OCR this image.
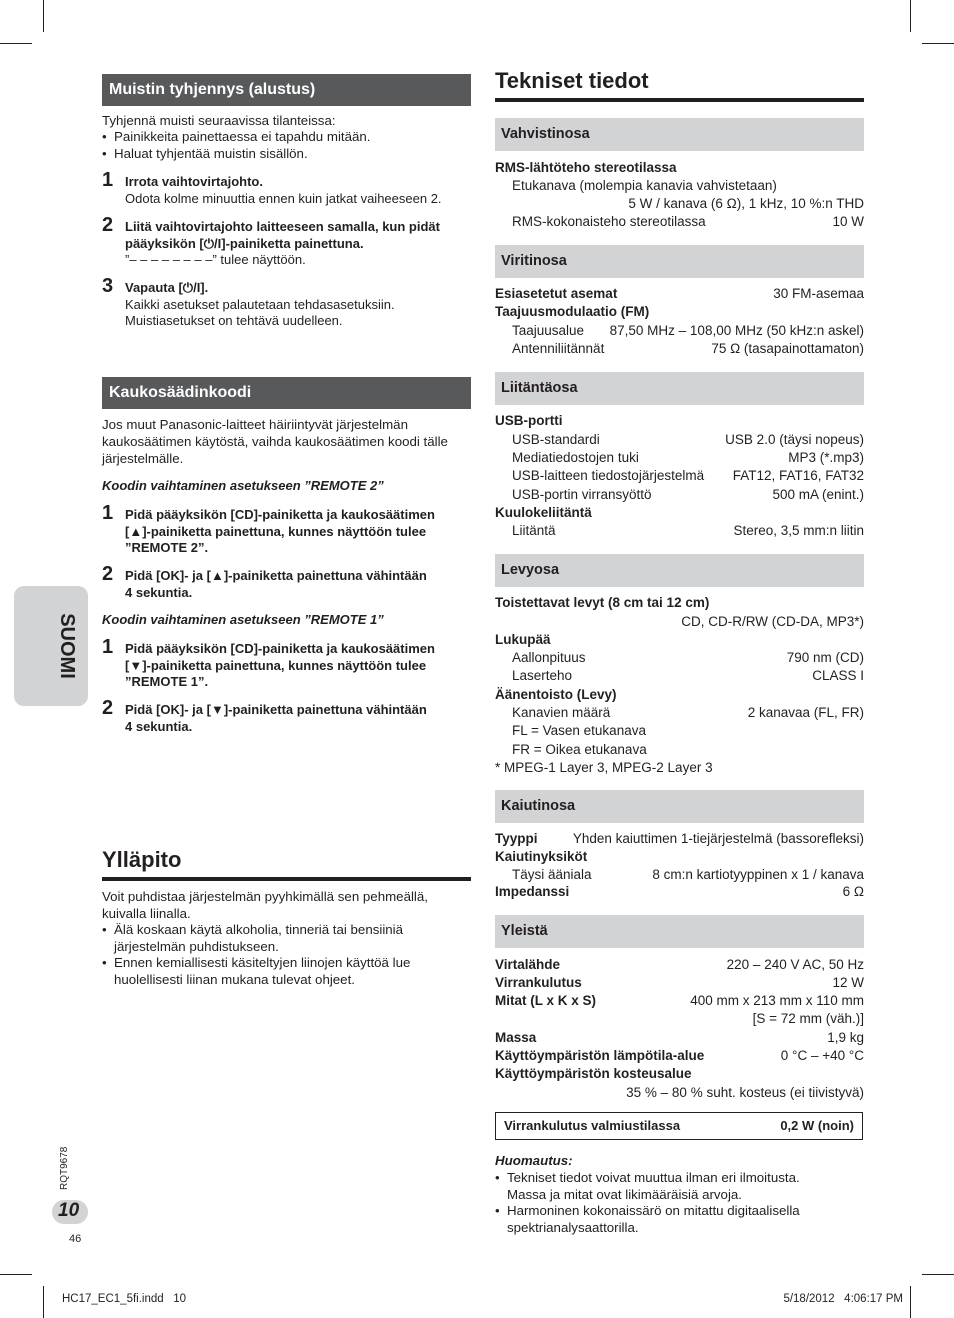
SUOMI
RQT9678
10
46
Muistin tyhjennys (alustus)
Tyhjennä muisti seuraavissa tilanteissa:
• Painikkeita painettaessa ei tapahdu mitään.
• Haluat tyhjentää muistin sisällön.
1 Irrota vaihtovirtajohto.
Odota kolme minuuttia ennen kuin jatkat vaiheeseen 2.
2 Liitä vaihtovirtajohto laitteeseen samalla, kun pidät
pääyksikön [⏻/I]-painiketta painettuna.
”– – – – – – – –” tulee näyttöön.
3 Vapauta [⏻/I].
Kaikki asetukset palautetaan tehdasasetuksiin.
Muistiasetukset on tehtävä uudelleen.
Kaukosäädinkoodi
Jos muut Panasonic-laitteet häiriintyvät järjestelmän
kaukosäätimen käytöstä, vaihda kaukosäätimen koodi tälle
järjestelmälle.
Koodin vaihtaminen asetukseen ”REMOTE 2”
1 Pidä pääyksikön [CD]-painiketta ja kaukosäätimen
[▲]-painiketta painettuna, kunnes näyttöön tulee
”REMOTE 2”.
2 Pidä [OK]- ja [▲]-painiketta painettuna vähintään
4 sekuntia.
Koodin vaihtaminen asetukseen ”REMOTE 1”
1 Pidä pääyksikön [CD]-painiketta ja kaukosäätimen
[▼]-painiketta painettuna, kunnes näyttöön tulee
”REMOTE 1”.
2 Pidä [OK]- ja [▼]-painiketta painettuna vähintään
4 sekuntia.
Ylläpito
Voit puhdistaa järjestelmän pyyhkimällä sen pehmeällä,
kuivalla liinalla.
• Älä koskaan käytä alkoholia, tinneriä tai bensiiniä
järjestelmän puhdistukseen.
• Ennen kemiallisesti käsiteltyjen liinojen käyttöä lue
huolellisesti liinan mukana tulevat ohjeet.
Tekniset tiedot
Vahvistinosa
RMS-lähtöteho stereotilassa
Etukanava (molempia kanavia vahvistetaan)
5 W / kanava (6 Ω), 1 kHz, 10 %:n THD
RMS-kokonaisteho stereotilassa	10 W
Viritinosa
Esiasetetut asemat	30 FM-asemaa
Taajuusmodulaatio (FM)
Taajuusalue 87,50 MHz – 108,00 MHz (50 kHz:n askel)
Antenniliitännät	75 Ω (tasapainottamaton)
Liitäntäosa
USB-portti
USB-standardi	USB 2.0 (täysi nopeus)
Mediatiedostojen tuki	MP3 (*.mp3)
USB-laitteen tiedostojärjestelmä FAT12, FAT16, FAT32
USB-portin virransyöttö	500 mA (enint.)
Kuulokeliitäntä
Liitäntä	Stereo, 3,5 mm:n liitin
Levyosa
Toistettavat levyt (8 cm tai 12 cm)
CD, CD-R/RW (CD-DA, MP3*)
Lukupää
Aallonpituus	790 nm (CD)
Laserteho	CLASS I
Äänentoisto (Levy)
Kanavien määrä	2 kanavaa (FL, FR)
FL = Vasen etukanava
FR = Oikea etukanava
* MPEG-1 Layer 3, MPEG-2 Layer 3
Kaiutinosa
Tyyppi	Yhden kaiuttimen 1-tiejärjestelmä (bassorefleksi)
Kaiutinyksiköt
Täysi äänialа	8 cm:n kartiotyyppinen x 1 / kanava
Impedanssi	6 Ω
Yleistä
Virtalähde	220 – 240 V AC, 50 Hz
Virrankulutus	12 W
Mitat (L x K x S)	400 mm x 213 mm x 110 mm
[S = 72 mm (väh.)]
Massa	1,9 kg
Käyttöympäristön lämpötila-alue	0 °C – +40 °C
Käyttöympäristön kosteusalue
35 % – 80 % suht. kosteus (ei tiivistyvä)
Virrankulutus valmiustilassa	0,2 W (noin)
Huomautus:
• Tekniset tiedot voivat muuttua ilman eri ilmoitusta.
Massa ja mitat ovat likimääräisiä arvoja.
• Harmoninen kokonaissärö on mitattu digitaalisella
spektrianalysaattorilla.
HC17_EC1_5fi.indd   10	5/18/2012   4:06:17 PM
